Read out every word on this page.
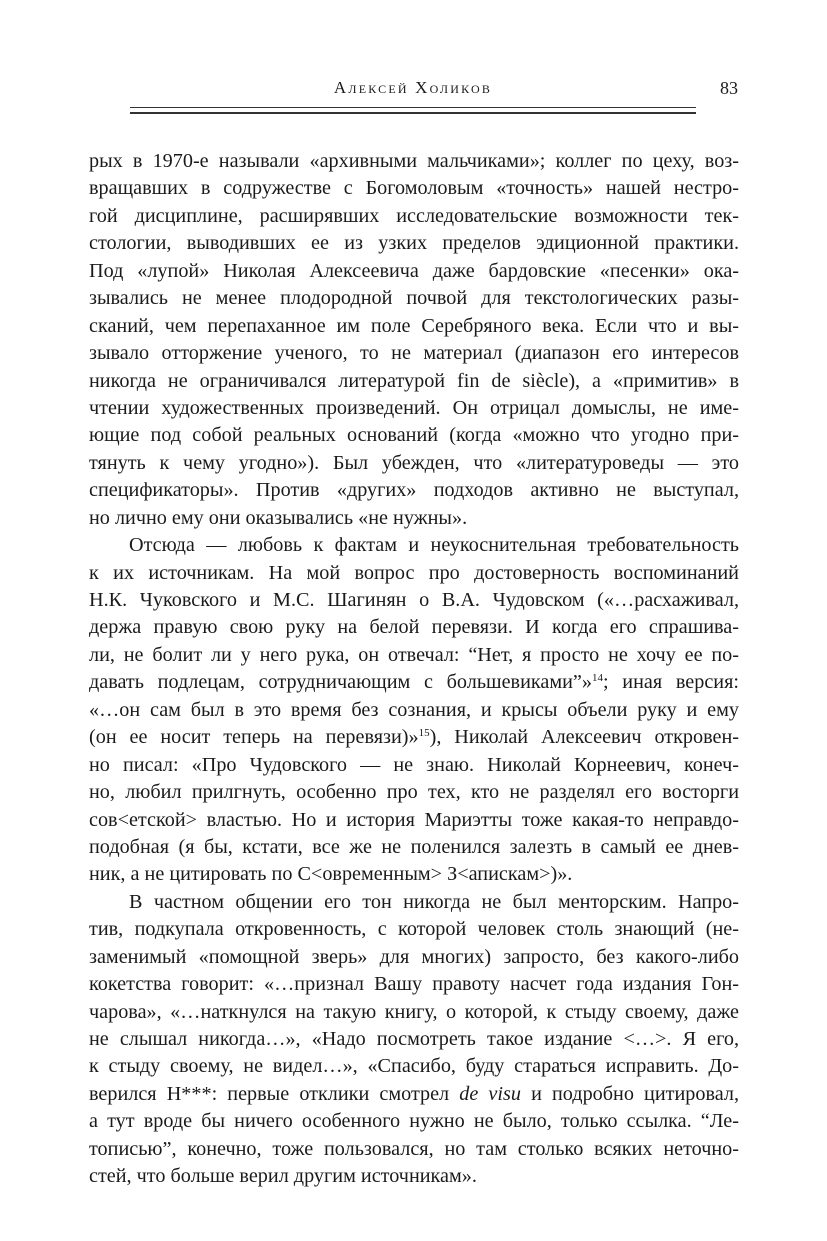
Алексей Холиков	83
рых в 1970-е называли «архивными мальчиками»; коллег по цеху, воз-
вращавших в содружестве с Богомоловым «точность» нашей нестро-
гой дисциплине, расширявших исследовательские возможности тек-
стологии, выводивших ее из узких пределов эдиционной практики.
Под «лупой» Николая Алексеевича даже бардовские «песенки» ока-
зывались не менее плодородной почвой для текстологических разы-
сканий, чем перепаханное им поле Серебряного века. Если что и вы-
зывало отторжение ученого, то не материал (диапазон его интересов
никогда не ограничивался литературой fin de siècle), а «примитив» в
чтении художественных произведений. Он отрицал домыслы, не име-
ющие под собой реальных оснований (когда «можно что угодно при-
тянуть к чему угодно»). Был убежден, что «литературоведы — это
спецификаторы». Против «других» подходов активно не выступал,
но лично ему они оказывались «не нужны».
Отсюда — любовь к фактам и неукоснительная требовательность
к их источникам. На мой вопрос про достоверность воспоминаний
Н.К. Чуковского и М.С. Шагинян о В.А. Чудовском («…расхаживал,
держа правую свою руку на белой перевязи. И когда его спрашива-
ли, не болит ли у него рука, он отвечал: “Нет, я просто не хочу ее по-
давать подлецам, сотрудничающим с большевиками”»$^{14}$; иная версия:
«…он сам был в это время без сознания, и крысы объели руку и ему
(он ее носит теперь на перевязи)»$^{15}$), Николай Алексеевич откровен-
но писал: «Про Чудовского — не знаю. Николай Корнеевич, конеч-
но, любил прилгнуть, особенно про тех, кто не разделял его восторги
сов<етской> властью. Но и история Мариэтты тоже какая-то неправдо-
подобная (я бы, кстати, все же не поленился залезть в самый ее днев-
ник, а не цитировать по С<овременным> З<апискам>)».
В частном общении его тон никогда не был менторским. Напро-
тив, подкупала откровенность, с которой человек столь знающий (не-
заменимый «помощной зверь» для многих) запросто, без какого-либо
кокетства говорит: «…признал Вашу правоту насчет года издания Гон-
чарова», «…наткнулся на такую книгу, о которой, к стыду своему, даже
не слышал никогда…», «Надо посмотреть такое издание <…>. Я его,
к стыду своему, не видел…», «Спасибо, буду стараться исправить. До-
верился Н***: первые отклики смотрел de visu и подробно цитировал,
а тут вроде бы ничего особенного нужно не было, только ссылка. “Ле-
тописью”, конечно, тоже пользовался, но там столько всяких неточно-
стей, что больше верил другим источникам».
